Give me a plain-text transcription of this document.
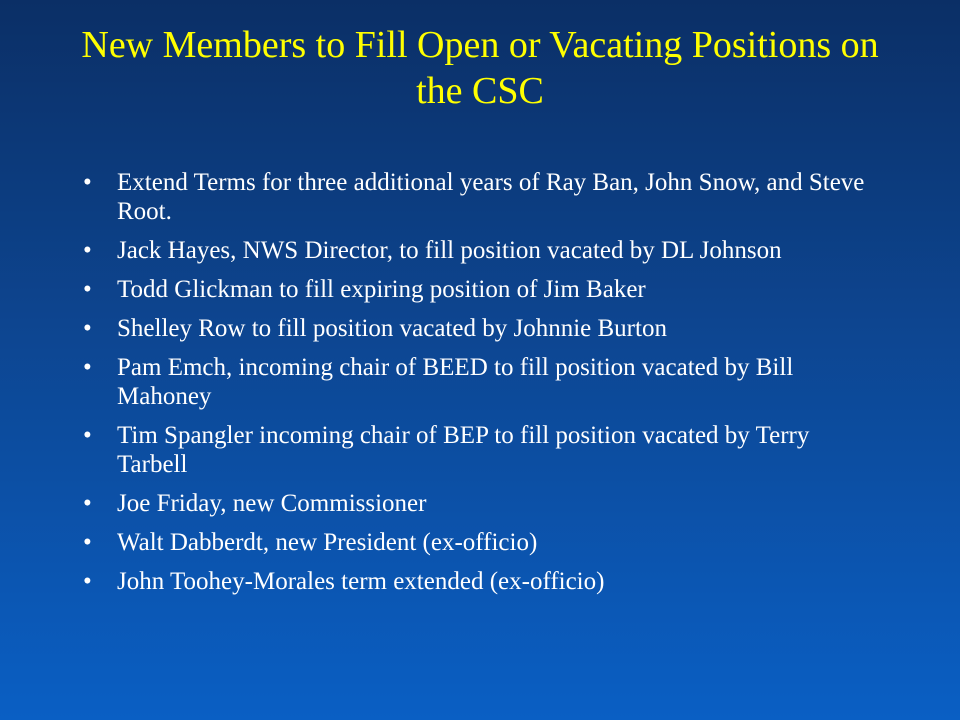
New Members to Fill Open or Vacating Positions on the CSC
• Extend Terms for three additional years of Ray Ban, John Snow, and Steve Root.
• Jack Hayes, NWS Director, to fill position vacated by DL Johnson
• Todd Glickman to fill expiring position of Jim Baker
• Shelley Row to fill position vacated by Johnnie Burton
• Pam Emch, incoming chair of BEED to fill position vacated by Bill Mahoney
• Tim Spangler incoming chair of BEP to fill position vacated by Terry Tarbell
• Joe Friday, new Commissioner
• Walt Dabberdt, new President (ex-officio)
• John Toohey-Morales term extended (ex-officio)
